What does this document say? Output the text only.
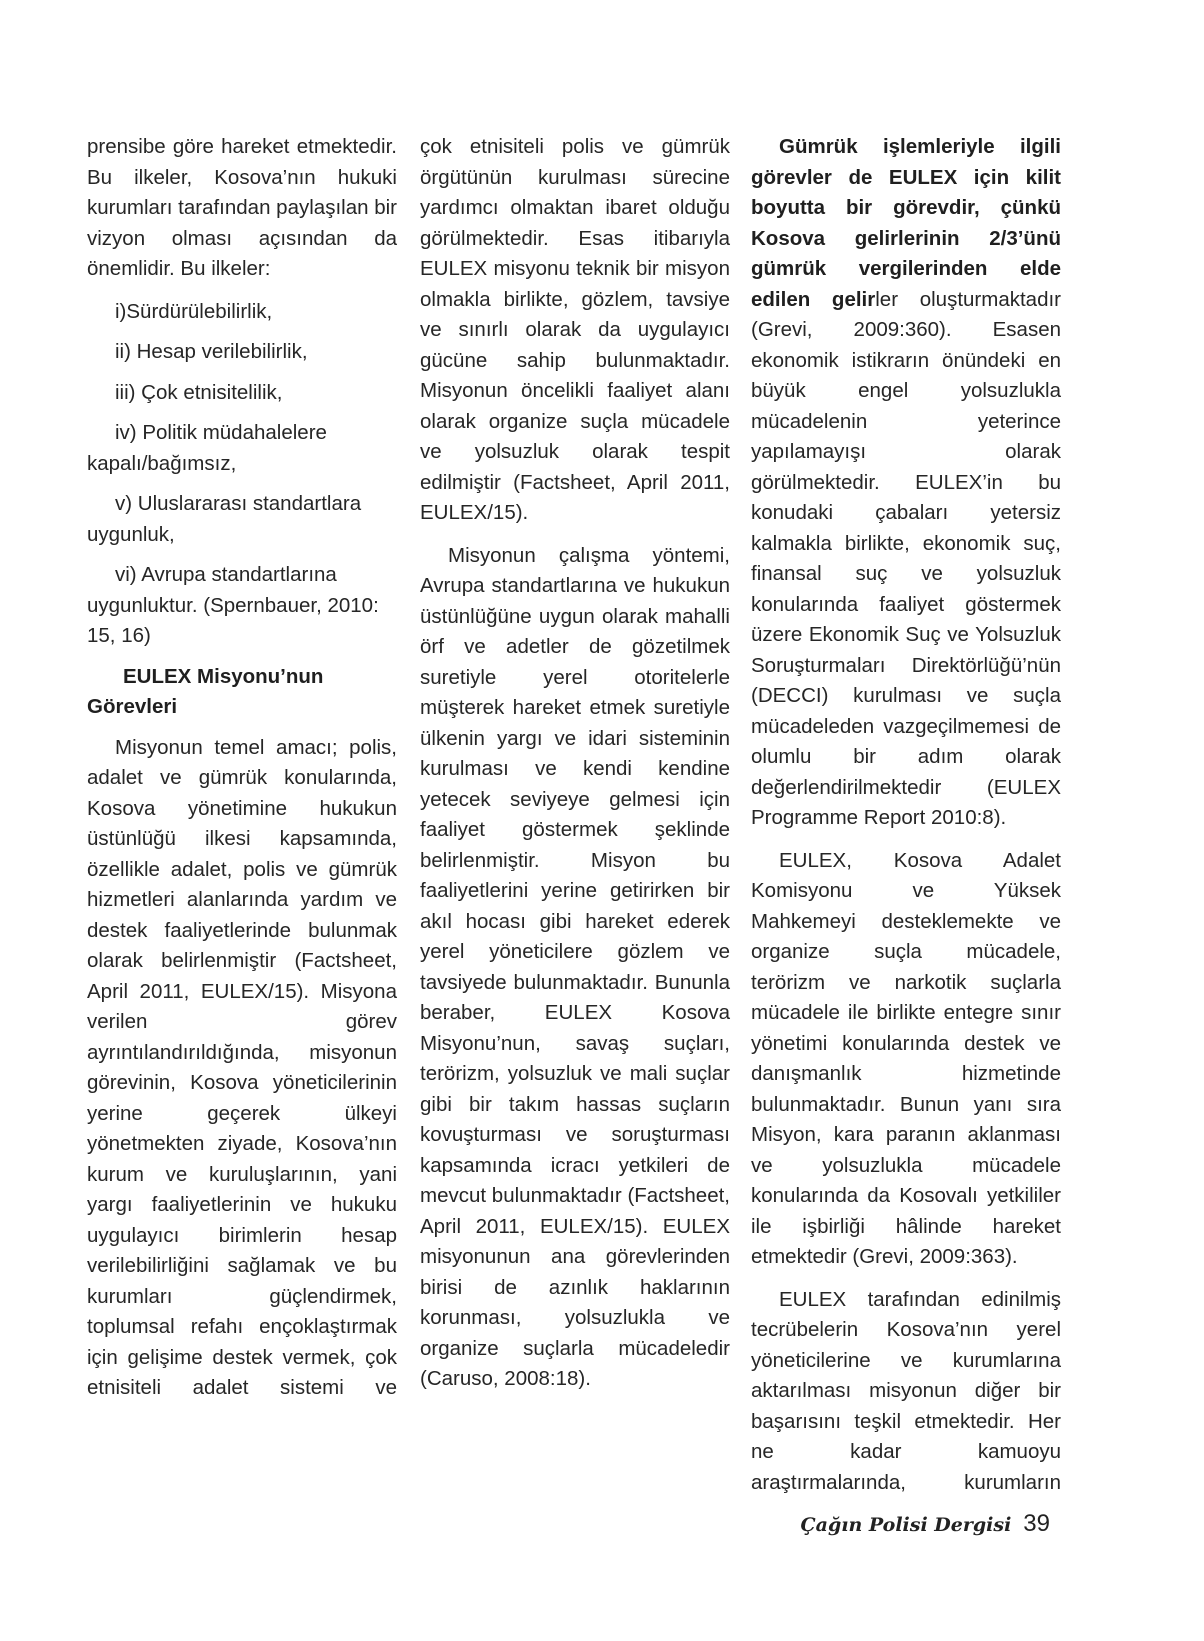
prensibe göre hareket etmektedir. Bu ilkeler, Kosova’nın hukuki kurumları tarafından paylaşılan bir vizyon olması açısından da önemlidir. Bu ilkeler:

i)Sürdürülebilirlik,

ii) Hesap verilebilirlik,

iii) Çok etnisitelilik,

iv) Politik müdahalelere kapalı/bağımsız,

v) Uluslararası standartlara uygunluk,

vi) Avrupa standartlarına uygunluktur. (Spernbauer, 2010: 15, 16)

EULEX Misyonu’nun Görevleri

Misyonun temel amacı; polis, adalet ve gümrük konularında, Kosova yönetimine hukukun üstünlüğü ilkesi kapsamında, özellikle adalet, polis ve gümrük hizmetleri alanlarında yardım ve destek faaliyetlerinde bulunmak olarak belirlenmiştir (Factsheet, April 2011, EULEX/15). Misyona verilen görev ayrıntılandırıldığında, misyonun görevinin, Kosova yöneticilerinin yerine geçerek ülkeyi yönetmekten ziyade, Kosova’nın kurum ve kuruluşlarının, yani yargı faaliyetlerinin ve hukuku uygulayıcı birimlerin hesap verilebilirliğini sağlamak ve bu kurumları güçlendirmek, toplumsal refahı ençoklaştırmak için gelişime destek vermek, çok etnisiteli adalet sistemi ve

çok etnisiteli polis ve gümrük örgütünün kurulması sürecine yardımcı olmaktan ibaret olduğu görülmektedir. Esas itibarıyla EULEX misyonu teknik bir misyon olmakla birlikte, gözlem, tavsiye ve sınırlı olarak da uygulayıcı gücüne sahip bulunmaktadır. Misyonun öncelikli faaliyet alanı olarak organize suçla mücadele ve yolsuzluk olarak tespit edilmiştir (Factsheet, April 2011, EULEX/15).

Misyonun çalışma yöntemi, Avrupa standartlarına ve hukukun üstünlüğüne uygun olarak mahalli örf ve adetler de gözetilmek suretiyle yerel otoritelerle müşterek hareket etmek suretiyle ülkenin yargı ve idari sisteminin kurulması ve kendi kendine yetecek seviyeye gelmesi için faaliyet göstermek şeklinde belirlenmiştir. Misyon bu faaliyetlerini yerine getirirken bir akıl hocası gibi hareket ederek yerel yöneticilere gözlem ve tavsiyede bulunmaktadır. Bununla beraber, EULEX Kosova Misyonu’nun, savaş suçları, terörizm, yolsuzluk ve mali suçlar gibi bir takım hassas suçların kovuşturması ve soruşturması kapsamında icracı yetkileri de mevcut bulunmaktadır (Factsheet, April 2011, EULEX/15). EULEX misyonunun ana görevlerinden birisi de azınlık haklarının korunması, yolsuzlukla ve organize suçlarla mücadeledir (Caruso, 2008:18).

Gümrük işlemleriyle ilgili görevler de EULEX için kilit boyutta bir görevdir, çünkü Kosova gelirlerinin 2/3’ünü gümrük vergilerinden elde edilen gelirler oluşturmaktadır (Grevi, 2009:360). Esasen ekonomik istikrarın önündeki en büyük engel yolsuzlukla mücadelenin yeterince yapılamayışı olarak görülmektedir. EULEX’in bu konudaki çabaları yetersiz kalmakla birlikte, ekonomik suç, finansal suç ve yolsuzluk konularında faaliyet göstermek üzere Ekonomik Suç ve Yolsuzluk Soruşturmaları Direktörlüğü’nün (DECCI) kurulması ve suçla mücadeleden vazgeçilmemesi de olumlu bir adım olarak değerlendirilmektedir (EULEX Programme Report 2010:8).

EULEX, Kosova Adalet Komisyonu ve Yüksek Mahkemeyi desteklemekte ve organize suçla mücadele, terörizm ve narkotik suçlarla mücadele ile birlikte entegre sınır yönetimi konularında destek ve danışmanlık hizmetinde bulunmaktadır. Bunun yanı sıra Misyon, kara paranın aklanması ve yolsuzlukla mücadele konularında da Kosovalı yetkililer ile işbirliği hâlinde hareket etmektedir (Grevi, 2009:363).

EULEX tarafından edinilmiş tecrübelerin Kosova’nın yerel yöneticilerine ve kurumlarına aktarılması misyonun diğer bir başarısını teşkil etmektedir. Her ne kadar kamuoyu araştırmalarında, kurumların

Çağın Polisi Dergisi 39
